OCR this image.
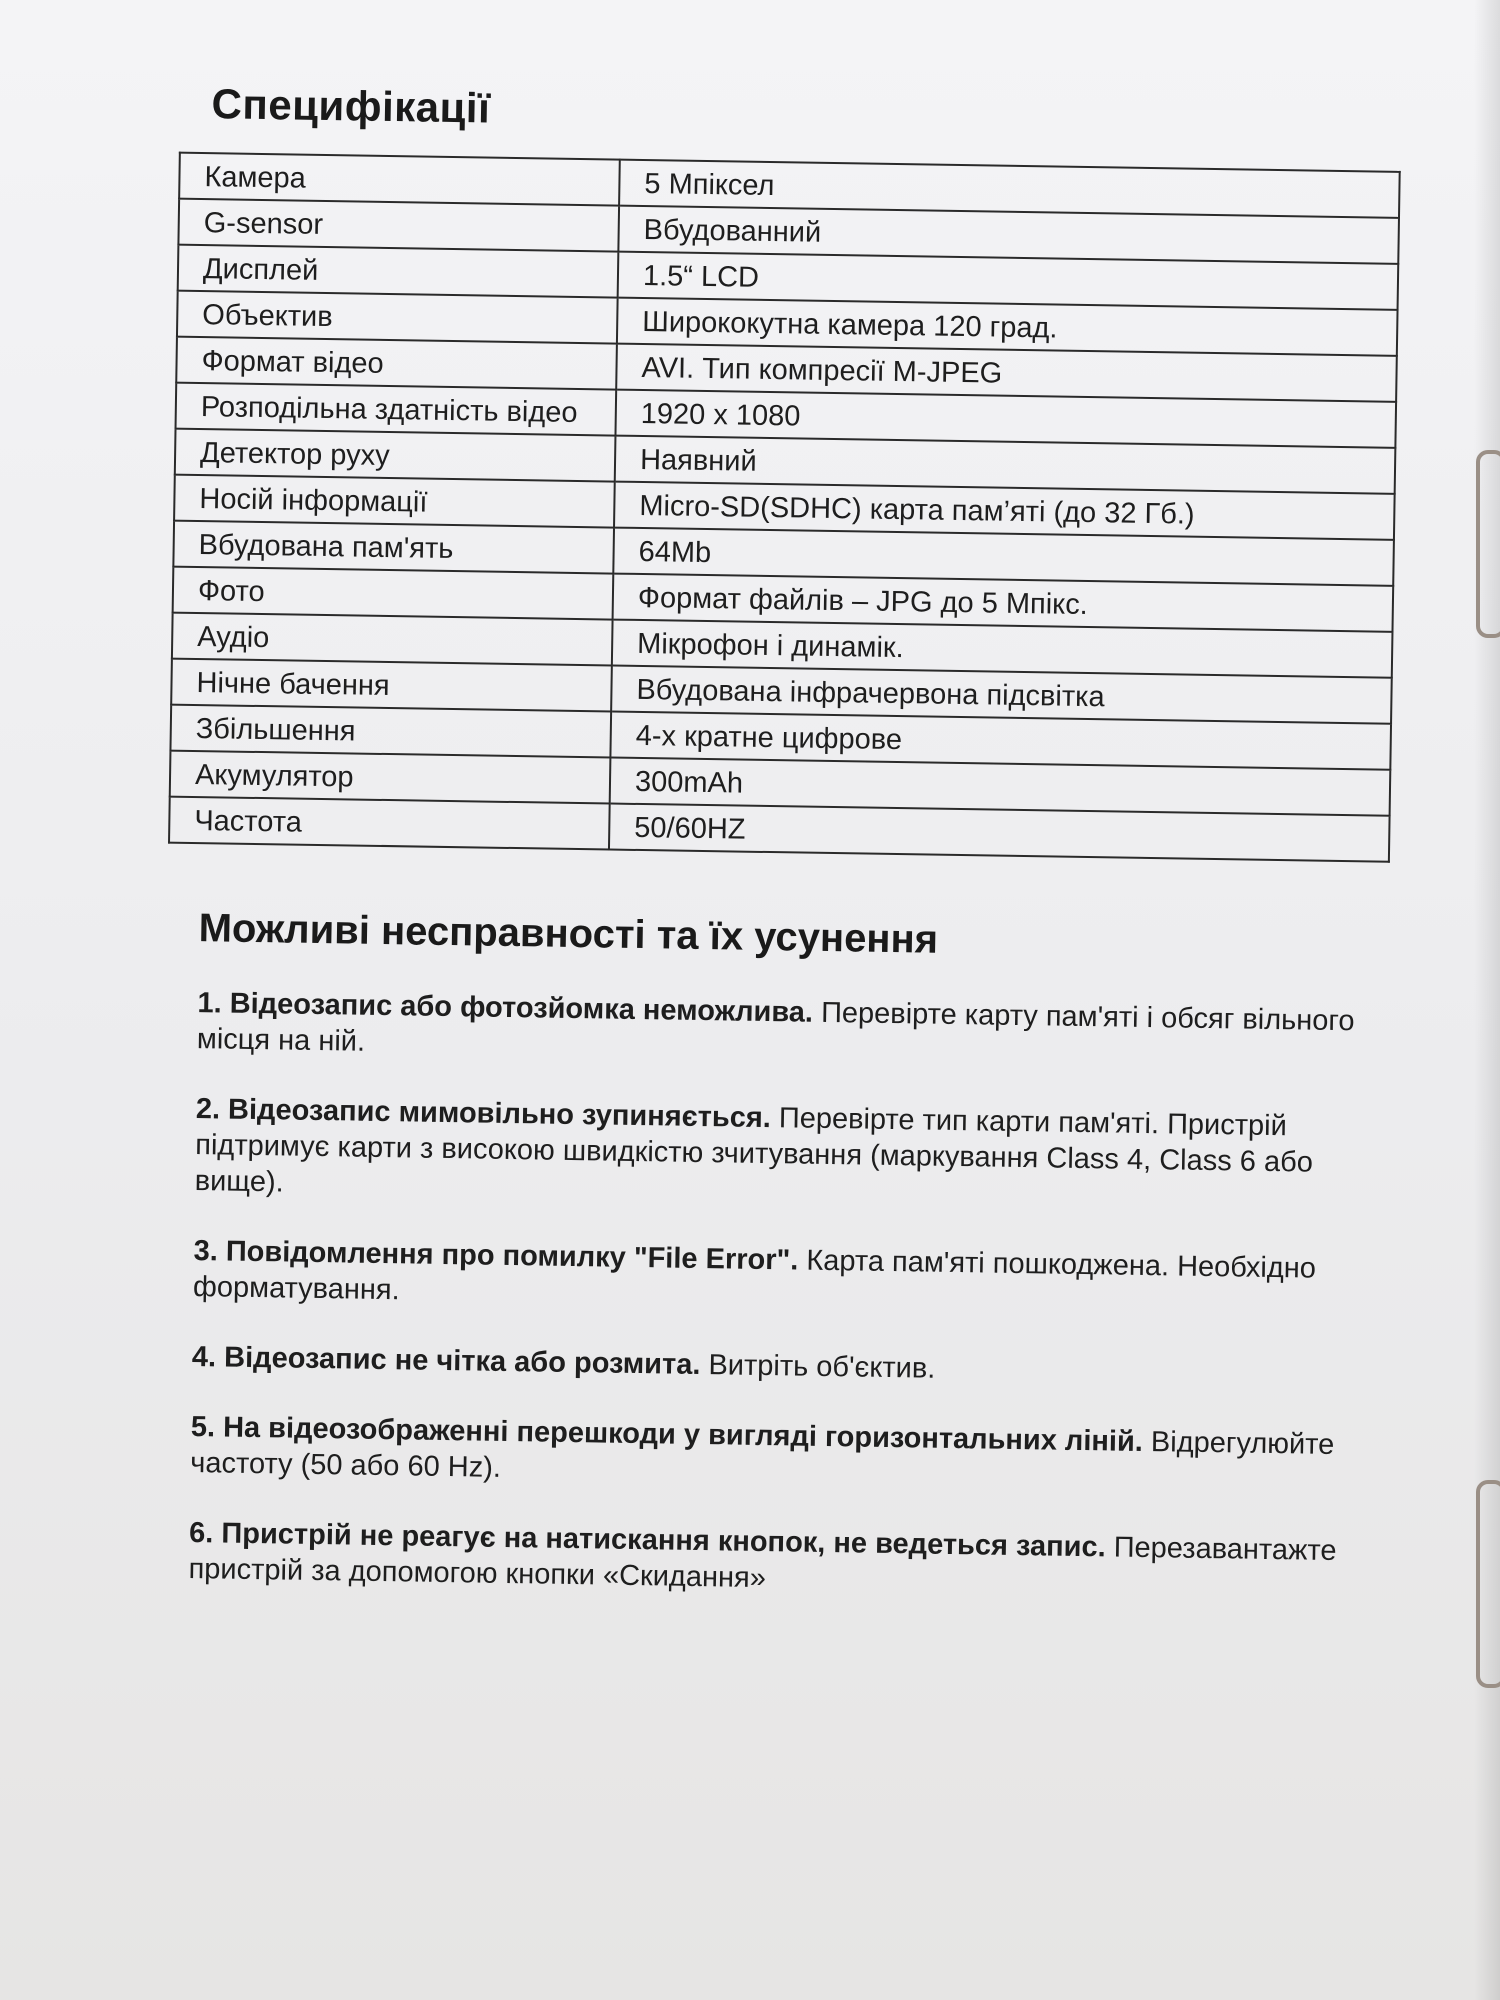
Специфікації
Камера	5 Мпіксел
G-sensor	Вбудованний
Дисплей	1.5“ LCD
Объектив	Ширококутна камера 120 град.
Формат відео	AVI. Тип компресії M-JPEG
Розподільна здатність відео	1920 x 1080
Детектор руху	Наявний
Носій інформації	Micro-SD(SDHC) карта пам’яті (до 32 Гб.)
Вбудована пам'ять	64Mb
Фото	Формат файлів – JPG до 5 Мпікс.
Аудіо	Мікрофон і динамік.
Нічне бачення	Вбудована інфрачервона підсвітка
Збільшення	4-х кратне цифрове
Акумулятор	300mAh
Частота	50/60HZ
Можливі несправності та їх усунення

1. Відеозапис або фотозйомка неможлива. Перевірте карту пам'яті і обсяг вільного місця на ній.

2. Відеозапис мимовільно зупиняється. Перевірте тип карти пам'яті. Пристрій підтримує карти з високою швидкістю зчитування (маркування Class 4, Class 6 або вище).

3. Повідомлення про помилку "File Error". Карта пам'яті пошкоджена. Необхідно форматування.

4. Відеозапис не чітка або розмита. Витріть об'єктив.

5. На відеозображенні перешкоди у вигляді горизонтальних ліній. Відрегулюйте частоту (50 або 60 Hz).

6. Пристрій не реагує на натискання кнопок, не ведеться запис. Перезавантажте пристрій за допомогою кнопки «Скидання»
